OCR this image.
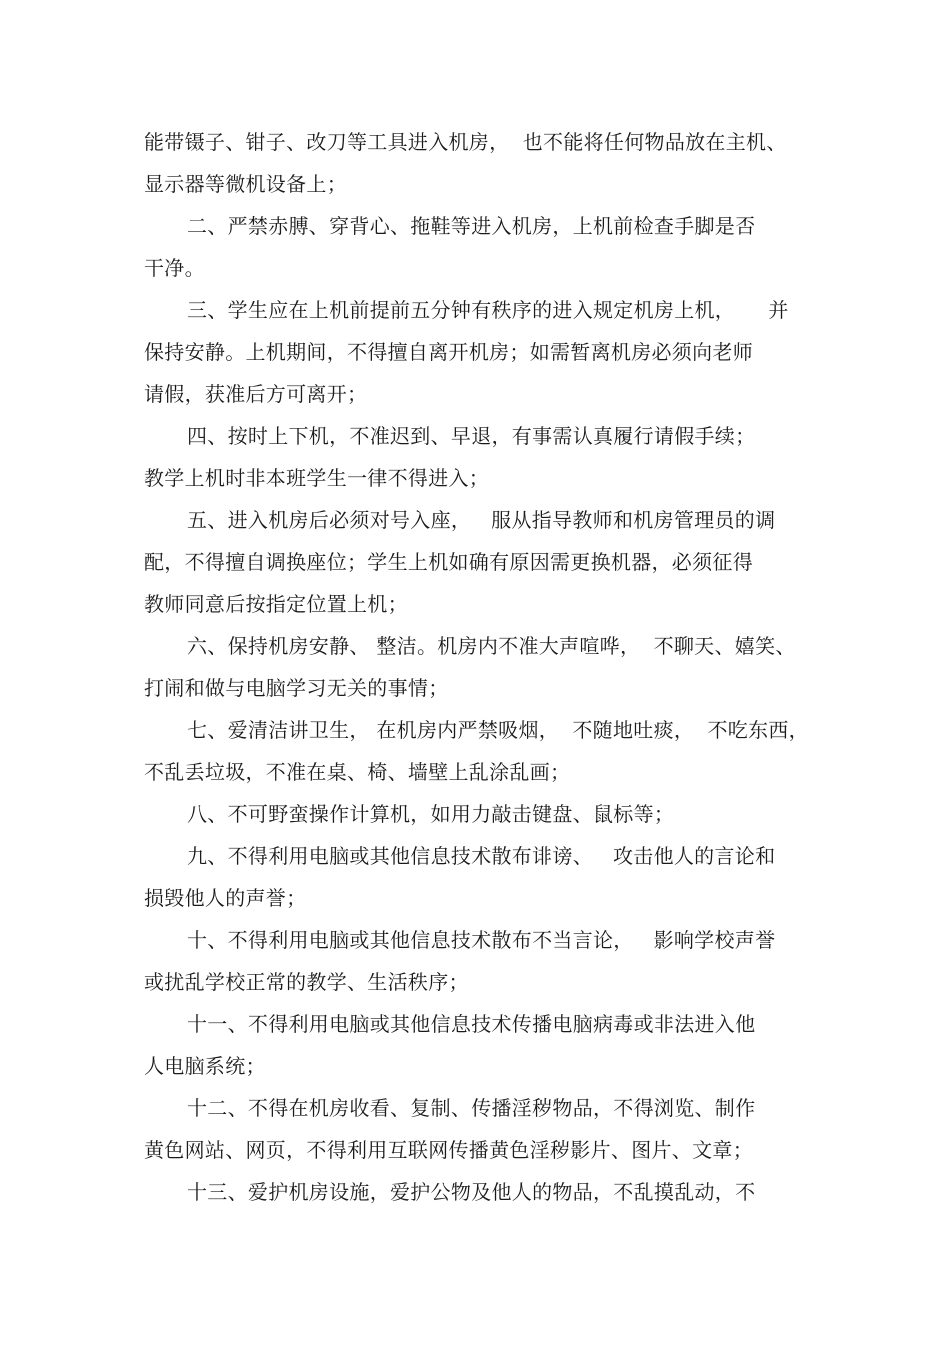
能带镊子、钳子、改刀等工具进入机房，  也不能将任何物品放在主机、
显示器等微机设备上；
二、严禁赤膊、穿背心、拖鞋等进入机房，上机前检查手脚是否
干净。
三、学生应在上机前提前五分钟有秩序的进入规定机房上机，     并
保持安静。上机期间，不得擅自离开机房；如需暂离机房必须向老师
请假，获准后方可离开；
四、按时上下机，不准迟到、早退，有事需认真履行请假手续；
教学上机时非本班学生一律不得进入；
五、进入机房后必须对号入座，   服从指导教师和机房管理员的调
配，不得擅自调换座位；学生上机如确有原因需更换机器，必须征得
教师同意后按指定位置上机；
六、保持机房安静、 整洁。机房内不准大声喧哗，  不聊天、嬉笑、
打闹和做与电脑学习无关的事情；
七、爱清洁讲卫生， 在机房内严禁吸烟，  不随地吐痰，  不吃东西，
不乱丢垃圾，不准在桌、椅、墙壁上乱涂乱画；
八、不可野蛮操作计算机，如用力敲击键盘、鼠标等；
九、不得利用电脑或其他信息技术散布诽谤、   攻击他人的言论和
损毁他人的声誉；
十、不得利用电脑或其他信息技术散布不当言论，   影响学校声誉
或扰乱学校正常的教学、生活秩序；
十一、不得利用电脑或其他信息技术传播电脑病毒或非法进入他
人电脑系统；
十二、不得在机房收看、复制、传播淫秽物品，不得浏览、制作
黄色网站、网页，不得利用互联网传播黄色淫秽影片、图片、文章；
十三、爱护机房设施，爱护公物及他人的物品，不乱摸乱动，不
